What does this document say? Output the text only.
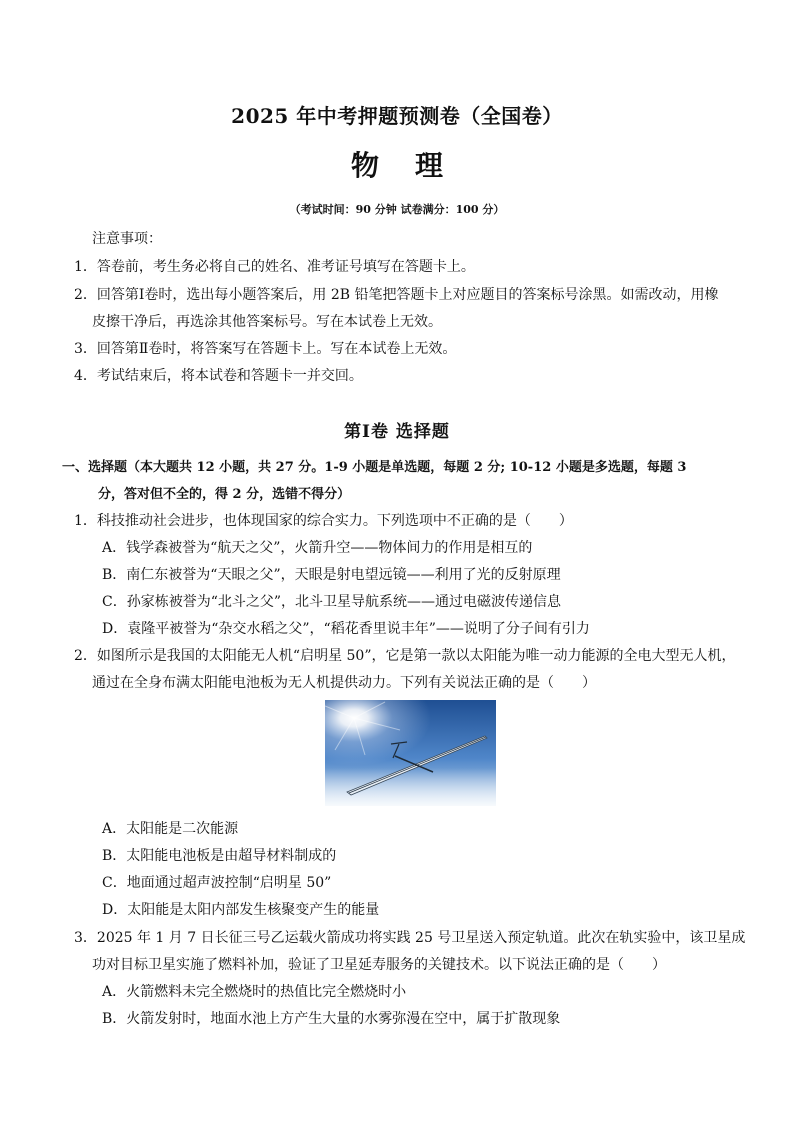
2025 年中考押题预测卷（全国卷）
物理
（考试时间：90 分钟 试卷满分：100 分）
注意事项：
1．答卷前，考生务必将自己的姓名、准考证号填写在答题卡上。
2．回答第Ⅰ卷时，选出每小题答案后，用 2B 铅笔把答题卡上对应题目的答案标号涂黑。如需改动，用橡
皮擦干净后，再选涂其他答案标号。写在本试卷上无效。
3．回答第Ⅱ卷时，将答案写在答题卡上。写在本试卷上无效。
4．考试结束后，将本试卷和答题卡一并交回。
第Ⅰ卷 选择题
一、选择题（本大题共 12 小题，共 27 分。1-9 小题是单选题，每题 2 分; 10-12 小题是多选题，每题 3
分，答对但不全的，得 2 分，选错不得分）
1．科技推动社会进步，也体现国家的综合实力。下列选项中不正确的是（　　）
A．钱学森被誉为“航天之父”，火箭升空——物体间力的作用是相互的
B．南仁东被誉为“天眼之父”，天眼是射电望远镜——利用了光的反射原理
C．孙家栋被誉为“北斗之父”，北斗卫星导航系统——通过电磁波传递信息
D．袁隆平被誉为“杂交水稻之父”，“稻花香里说丰年”——说明了分子间有引力
2．如图所示是我国的太阳能无人机“启明星 50”，它是第一款以太阳能为唯一动力能源的全电大型无人机，
通过在全身布满太阳能电池板为无人机提供动力。下列有关说法正确的是（　　）
A．太阳能是二次能源
B．太阳能电池板是由超导材料制成的
C．地面通过超声波控制“启明星 50”
D．太阳能是太阳内部发生核聚变产生的能量
3．2025 年 1 月 7 日长征三号乙运载火箭成功将实践 25 号卫星送入预定轨道。此次在轨实验中，该卫星成
功对目标卫星实施了燃料补加，验证了卫星延寿服务的关键技术。以下说法正确的是（　　）
A．火箭燃料未完全燃烧时的热值比完全燃烧时小
B．火箭发射时，地面水池上方产生大量的水雾弥漫在空中，属于扩散现象
